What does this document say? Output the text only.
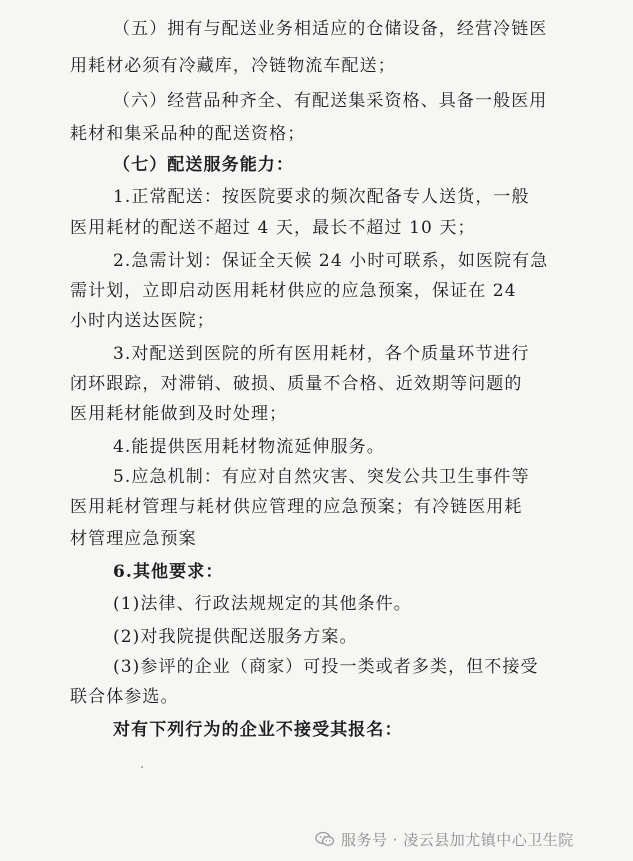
（五）拥有与配送业务相适应的仓储设备，经营冷链医
用耗材必须有冷藏库，冷链物流车配送；
（六）经营品种齐全、有配送集采资格、具备一般医用
耗材和集采品种的配送资格；
（七）配送服务能力：
1.正常配送：按医院要求的频次配备专人送货，一般
医用耗材的配送不超过 4 天，最长不超过 10 天；
2.急需计划：保证全天候 24 小时可联系，如医院有急
需计划，立即启动医用耗材供应的应急预案，保证在 24
小时内送达医院；
3.对配送到医院的所有医用耗材，各个质量环节进行
闭环跟踪，对滞销、破损、质量不合格、近效期等问题的
医用耗材能做到及时处理；
4.能提供医用耗材物流延伸服务。
5.应急机制：有应对自然灾害、突发公共卫生事件等
医用耗材管理与耗材供应管理的应急预案；有冷链医用耗
材管理应急预案
6.其他要求：
(1)法律、行政法规规定的其他条件。
(2)对我院提供配送服务方案。
(3)参评的企业（商家）可投一类或者多类，但不接受
联合体参选。
对有下列行为的企业不接受其报名：
服务号 · 凌云县加尤镇中心卫生院
